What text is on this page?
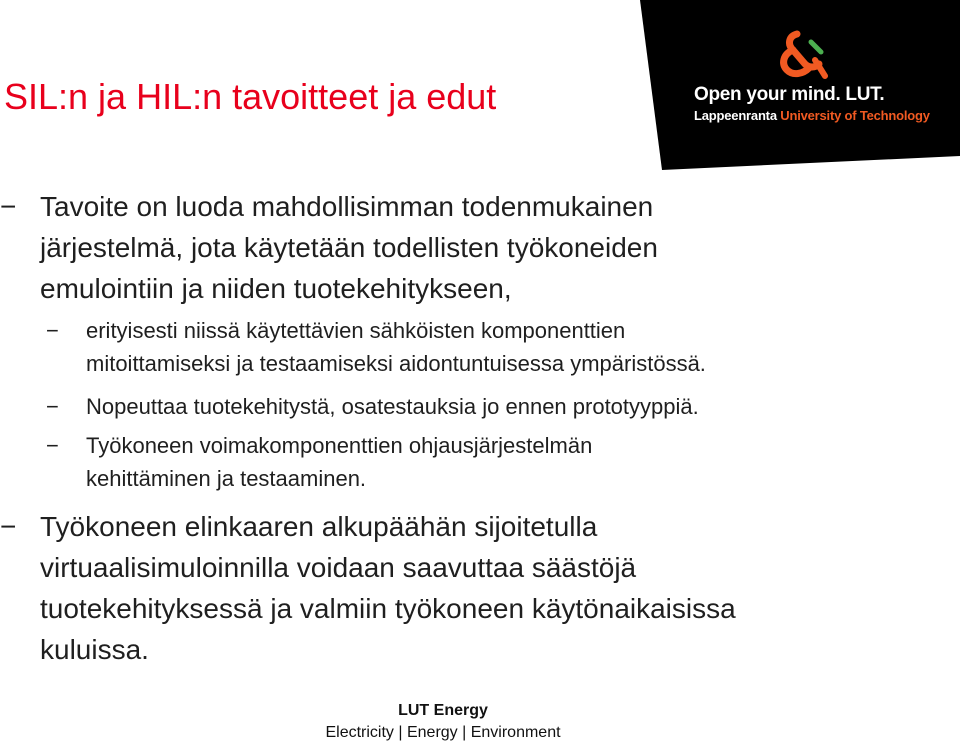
SIL:n ja HIL:n tavoitteet ja edut	Open your mind. LUT.
Lappeenranta University of Technology
− Tavoite on luoda mahdollisimman todenmukainen
järjestelmä, jota käytetään todellisten työkoneiden
emulointiin ja niiden tuotekehitykseen,
− erityisesti niissä käytettävien sähköisten komponenttien
mitoittamiseksi ja testaamiseksi aidontuntuisessa ympäristössä.
− Nopeuttaa tuotekehitystä, osatestauksia jo ennen prototyyppiä.
− Työkoneen voimakomponenttien ohjausjärjestelmän
kehittäminen ja testaaminen.
− Työkoneen elinkaaren alkupäähän sijoitetulla
virtuaalisimuloinnilla voidaan saavuttaa säästöjä
tuotekehityksessä ja valmiin työkoneen käytönaikaisissa
kuluissa.
LUT Energy
Electricity | Energy | Environment
